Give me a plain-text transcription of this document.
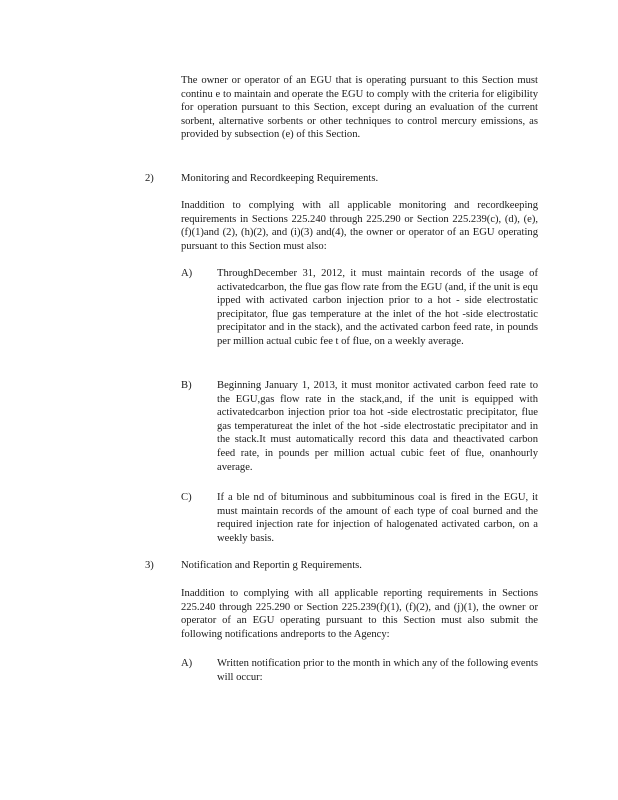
The owner or operator of an EGU that is operating pursuant to this Section must continu e to maintain and operate the EGU to comply with the criteria for eligibility for operation pursuant to this Section, except during an evaluation of the current sorbent, alternative sorbents or other techniques to control mercury emissions, as provided by subsection (e) of this Section.

2)	Monitoring and Recordkeeping Requirements.

Inaddition to complying with all applicable monitoring and recordkeeping requirements in Sections 225.240 through 225.290 or Section 225.239(c), (d), (e), (f)(1)and (2), (h)(2), and (i)(3) and(4), the owner or operator of an EGU operating pursuant to this Section must also:

A) ThroughDecember 31, 2012, it must maintain records of the usage of activatedcarbon, the flue gas flow rate from the EGU (and, if the unit is equ ipped with activated carbon injection prior to a hot - side electrostatic precipitator, flue gas temperature at the inlet of the hot -side electrostatic precipitator and in the stack), and the activated carbon feed rate, in pounds per million actual cubic fee t of flue, on a weekly average.

B) Beginning January 1, 2013, it must monitor activated carbon feed rate to the EGU,gas flow rate in the stack,and, if the unit is equipped with activatedcarbon injection prior toa hot -side electrostatic precipitator, flue gas temperatureat the inlet of the hot -side electrostatic precipitator and in the stack.It must automatically record this data and theactivated carbon feed rate, in pounds per million actual cubic feet of flue, onanhourly average.

C) If a ble nd of bituminous and subbituminous coal is fired in the EGU, it must maintain records of the amount of each type of coal burned and the required injection rate for injection of halogenated activated carbon, on a weekly basis.

3)	Notification and Reportin g Requirements.

Inaddition to complying with all applicable reporting requirements in Sections 225.240 through 225.290 or Section 225.239(f)(1), (f)(2), and (j)(1), the owner or operator of an EGU operating pursuant to this Section must also submit the following notifications andreports to the Agency:

A) Written notification prior to the month in which any of the following events will occur:
